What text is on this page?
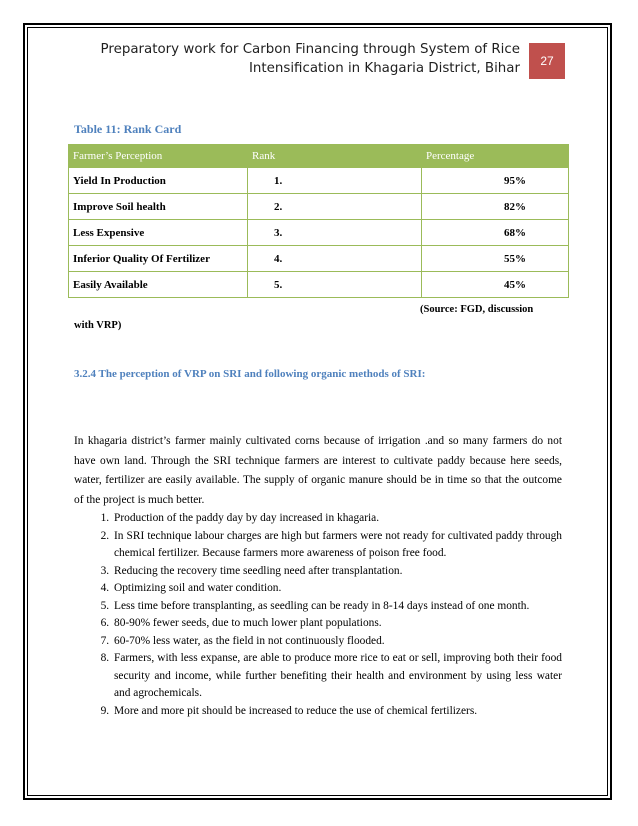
Preparatory work for Carbon Financing through System of Rice
Intensification in Khagaria District, Bihar 27
Table 11: Rank Card
Farmer’s Perception	Rank	Percentage
Yield In Production	1.	95%
Improve Soil health	2.	82%
Less Expensive	3.	68%
Inferior Quality Of Fertilizer	4.	55%
Easily Available	5.	45%
(Source: FGD, discussion
with VRP)
3.2.4 The perception of VRP on SRI and following organic methods of SRI:
In khagaria district’s farmer mainly cultivated corns because of irrigation .and so many farmers do not have own land. Through the SRI technique farmers are interest to cultivate paddy because here seeds, water, fertilizer are easily available. The supply of organic manure should be in time so that the outcome of the project is much better.
1. Production of the paddy day by day increased in khagaria.
2. In SRI technique labour charges are high but farmers were not ready for cultivated paddy through chemical fertilizer. Because farmers more awareness of poison free food.
3. Reducing the recovery time seedling need after transplantation.
4. Optimizing soil and water condition.
5. Less time before transplanting, as seedling can be ready in 8-14 days instead of one month.
6. 80-90% fewer seeds, due to much lower plant populations.
7. 60-70% less water, as the field in not continuously flooded.
8. Farmers, with less expanse, are able to produce more rice to eat or sell, improving both their food security and income, while further benefiting their health and environment by using less water and agrochemicals.
9. More and more pit should be increased to reduce the use of chemical fertilizers.
